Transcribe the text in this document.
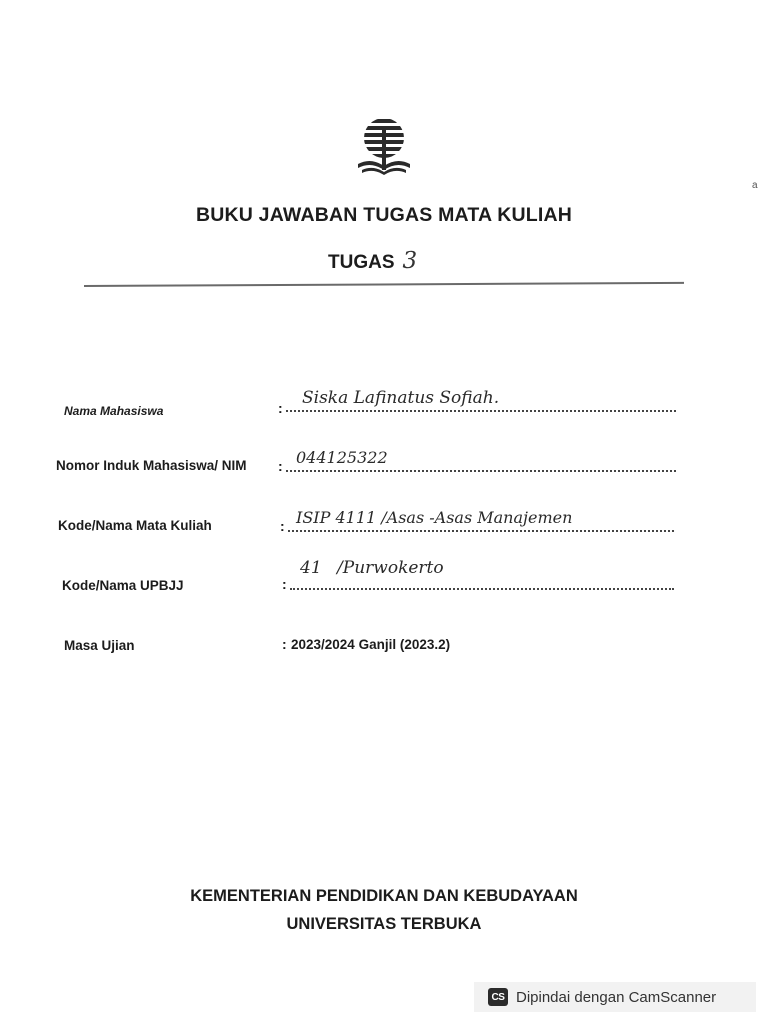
BUKU JAWABAN TUGAS MATA KULIAH
TUGAS 3
Nama Mahasiswa	: Siska Lafinatus Sofiah.
Nomor Induk Mahasiswa/ NIM : 044125322
Kode/Nama Mata Kuliah	: ISIP 4111 /Asas -Asas Manajemen
Kode/Nama UPBJJ	:
41 /Purwokerto
Masa Ujian	: 2023/2024 Ganjil (2023.2)
KEMENTERIAN PENDIDIKAN DAN KEBUDAYAAN
UNIVERSITAS TERBUKA
a
CS Dipindai dengan CamScanner
